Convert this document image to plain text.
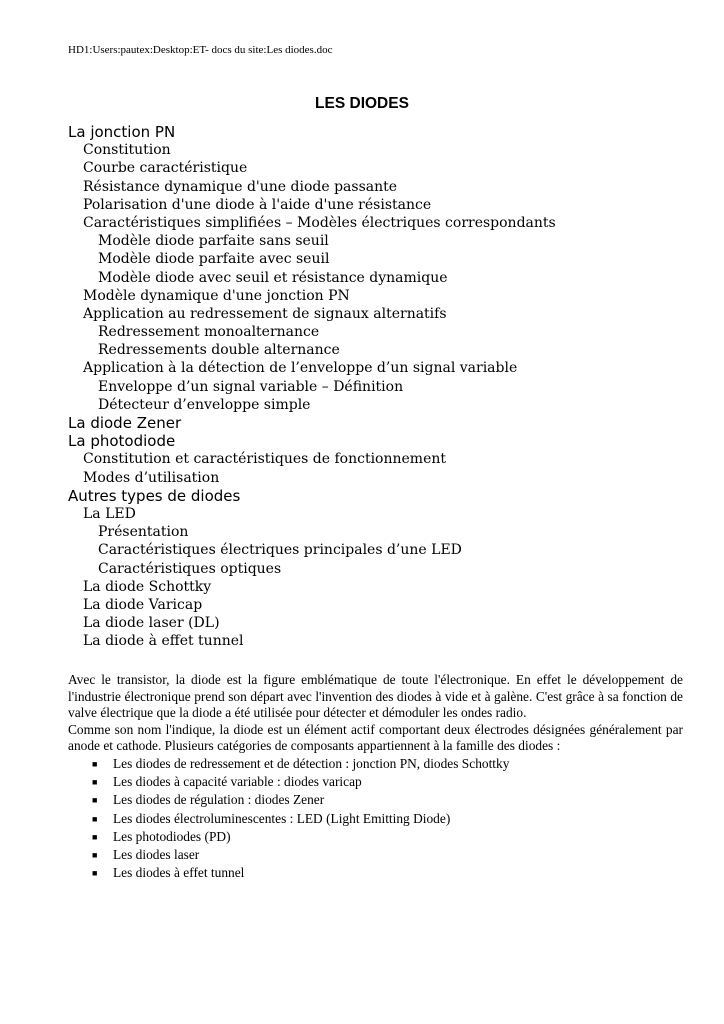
HD1:Users:pautex:Desktop:ET- docs du site:Les diodes.doc
LES DIODES
La jonction PN
Constitution
Courbe caractéristique
Résistance dynamique d'une diode passante
Polarisation d'une diode à l'aide d'une résistance
Caractéristiques simplifiées – Modèles électriques correspondants
Modèle diode parfaite sans seuil
Modèle diode parfaite avec seuil
Modèle diode avec seuil et résistance dynamique
Modèle dynamique d'une jonction PN
Application au redressement de signaux alternatifs
Redressement monoalternance
Redressements double alternance
Application à la détection de l’enveloppe d’un signal variable
Enveloppe d’un signal variable – Définition
Détecteur d’enveloppe simple
La diode Zener
La photodiode
Constitution et caractéristiques de fonctionnement
Modes d’utilisation
Autres types de diodes
La LED
Présentation
Caractéristiques électriques principales d’une LED
Caractéristiques optiques
La diode Schottky
La diode Varicap
La diode laser (DL)
La diode à effet tunnel

Avec le transistor, la diode est la figure emblématique de toute l'électronique. En effet le développement de l'industrie électronique prend son départ avec l'invention des diodes à vide et à galène. C'est grâce à sa fonction de valve électrique que la diode a été utilisée pour détecter et démoduler les ondes radio.

Comme son nom l'indique, la diode est un élément actif comportant deux électrodes désignées généralement par anode et cathode. Plusieurs catégories de composants appartiennent à la famille des diodes :

■ Les diodes de redressement et de détection : jonction PN, diodes Schottky
■ Les diodes à capacité variable : diodes varicap
■ Les diodes de régulation : diodes Zener
■ Les diodes électroluminescentes : LED (Light Emitting Diode)
■ Les photodiodes (PD)
■ Les diodes laser
■ Les diodes à effet tunnel
